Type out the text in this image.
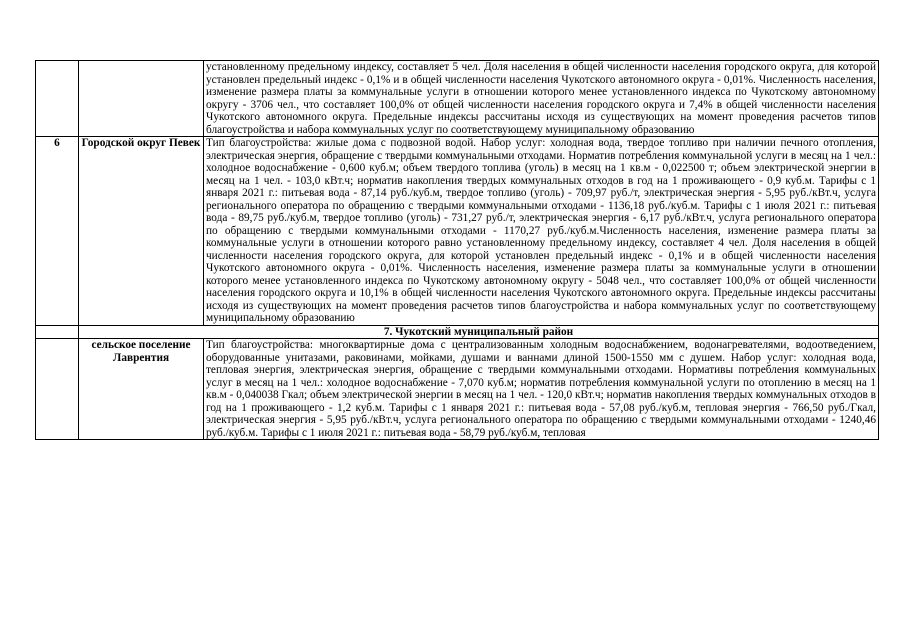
		установленному предельному индексу, составляет 5 чел. Доля населения в общей численности населения городского округа, для которой установлен предельный индекс - 0,1% и в общей численности населения Чукотского автономного округа - 0,01%. Численность населения, изменение размера платы за коммунальные услуги в отношении которого менее установленного индекса по Чукотскому автономному округу - 3706 чел., что составляет 100,0% от общей численности населения городского округа и 7,4% в общей численности населения Чукотского автономного округа. Предельные индексы рассчитаны исходя из существующих на момент проведения расчетов типов благоустройства и набора коммунальных услуг по соответствующему муниципальному образованию
6	Городской округ Певек	Тип благоустройства: жилые дома с подвозной водой. Набор услуг: холодная вода, твердое топливо при наличии печного отопления, электрическая энергия, обращение с твердыми коммунальными отходами. Норматив потребления коммунальной услуги в месяц на 1 чел.: холодное водоснабжение - 0,600 куб.м; объем твердого топлива (уголь) в месяц на 1 кв.м - 0,022500 т; объем электрической энергии в месяц на 1 чел. - 103,0 кВт.ч; норматив накопления твердых коммунальных отходов в год на 1 проживающего - 0,9 куб.м. Тарифы с 1 января 2021 г.: питьевая вода - 87,14 руб./куб.м, твердое топливо (уголь) - 709,97 руб./т, электрическая энергия - 5,95 руб./кВт.ч, услуга регионального оператора по обращению с твердыми коммунальными отходами - 1136,18 руб./куб.м. Тарифы с 1 июля 2021 г.: питьевая вода - 89,75 руб./куб.м, твердое топливо (уголь) - 731,27 руб./т, электрическая энергия - 6,17 руб./кВт.ч, услуга регионального оператора по обращению с твердыми коммунальными отходами - 1170,27 руб./куб.м.Численность населения, изменение размера платы за коммунальные услуги в отношении которого равно установленному предельному индексу, составляет 4 чел. Доля населения в общей численности населения городского округа, для которой установлен предельный индекс - 0,1% и в общей численности населения Чукотского автономного округа - 0,01%. Численность населения, изменение размера платы за коммунальные услуги в отношении которого менее установленного индекса по Чукотскому автономному округу - 5048 чел., что составляет 100,0% от общей численности населения городского округа и 10,1% в общей численности населения Чукотского автономного округа. Предельные индексы рассчитаны исходя из существующих на момент проведения расчетов типов благоустройства и набора коммунальных услуг по соответствующему муниципальному образованию
	7. Чукотский муниципальный район	
	сельское поселение Лаврентия	Тип благоустройства: многоквартирные дома с централизованным холодным водоснабжением, водонагревателями, водоотведением, оборудованные унитазами, раковинами, мойками, душами и ваннами длиной 1500-1550 мм с душем. Набор услуг: холодная вода, тепловая энергия, электрическая энергия, обращение с твердыми коммунальными отходами. Нормативы потребления коммунальных услуг в месяц на 1 чел.: холодное водоснабжение - 7,070 куб.м; норматив потребления коммунальной услуги по отоплению в месяц на 1 кв.м - 0,040038 Гкал; объем электрической энергии в месяц на 1 чел. - 120,0 кВт.ч; норматив накопления твердых коммунальных отходов в год на 1 проживающего - 1,2 куб.м. Тарифы с 1 января 2021 г.: питьевая вода - 57,08 руб./куб.м, тепловая энергия - 766,50 руб./Гкал, электрическая энергия - 5,95 руб./кВт.ч, услуга регионального оператора по обращению с твердыми коммунальными отходами - 1240,46 руб./куб.м. Тарифы с 1 июля 2021 г.: питьевая вода - 58,79 руб./куб.м, тепловая
